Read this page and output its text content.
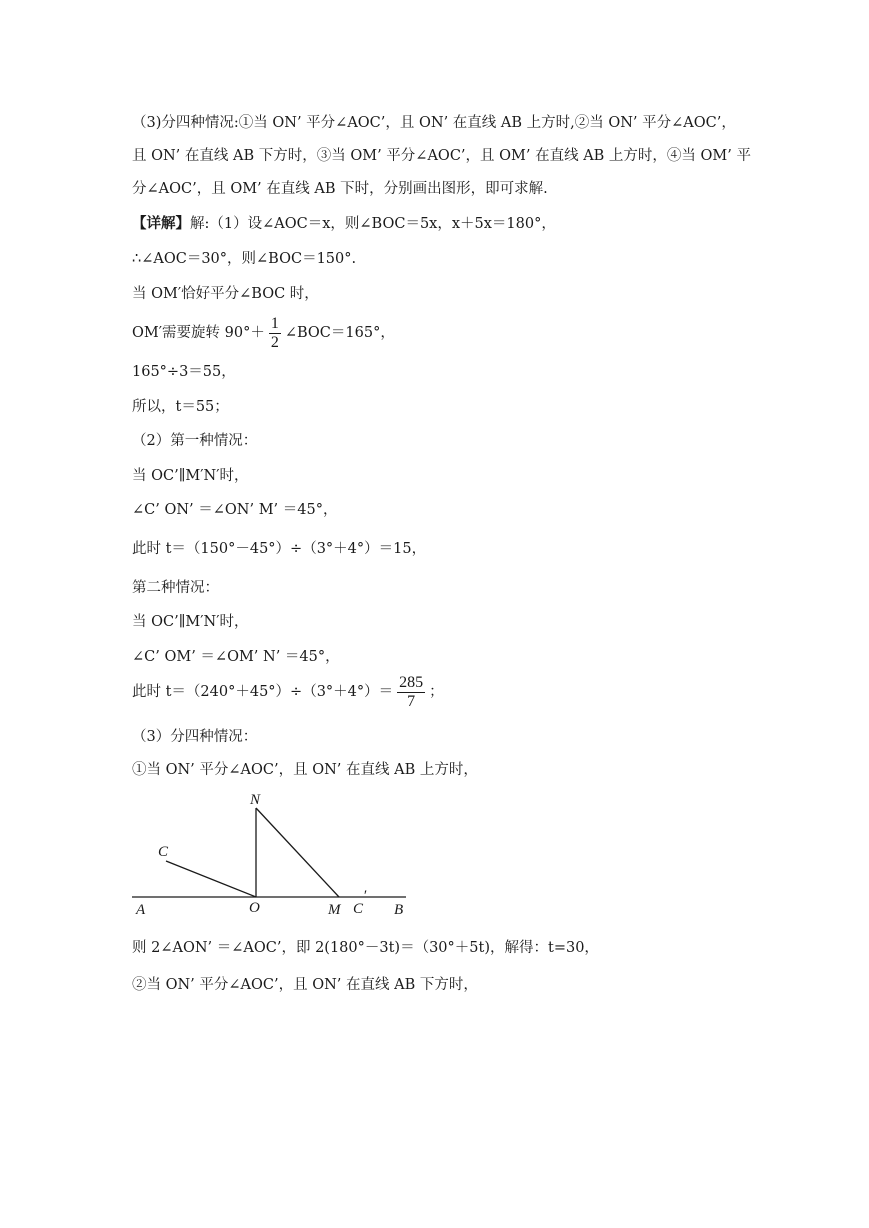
（3)分四种情况:①当 ON’ 平分∠AOC’，且 ON’ 在直线 AB 上方时,②当 ON’ 平分∠AOC’，
且 ON’ 在直线 AB 下方时，③当 OM’ 平分∠AOC’，且 OM’ 在直线 AB 上方时，④当 OM’ 平
分∠AOC’，且 OM’ 在直线 AB 下时，分别画出图形，即可求解.
【详解】解:（1）设∠AOC＝x，则∠BOC＝5x，x＋5x＝180°，
∴∠AOC＝30°，则∠BOC＝150°.
当 OM′恰好平分∠BOC 时，
OM′需要旋转 $90^\circ+ \frac{1}{2}$ ∠BOC＝165°，
165°÷3＝55，
所以，t＝55；
（2）第一种情况：
当 OC’∥M′N′时，
∠C’ ON’ ＝∠ON’ M’ ＝45°，
此时 t＝（150°－45°）÷（3°＋4°）＝15，
第二种情况：
当 OC’∥M′N′时，
∠C’ OM’ ＝∠OM’ N’ ＝45°，
此时 $t=(240^\circ+45^\circ)\div(3^\circ+4^\circ)= \frac{285}{7}$ ；
（3）分四种情况：
①当 ON’ 平分∠AOC’，且 ON’ 在直线 AB 上方时，
N
C
A	O	M C
′
B
则 2∠AON’ ＝∠AOC’，即 2(180°－3t)＝（30°＋5t)，解得：t=30，
②当 ON’ 平分∠AOC’，且 ON’ 在直线 AB 下方时，
